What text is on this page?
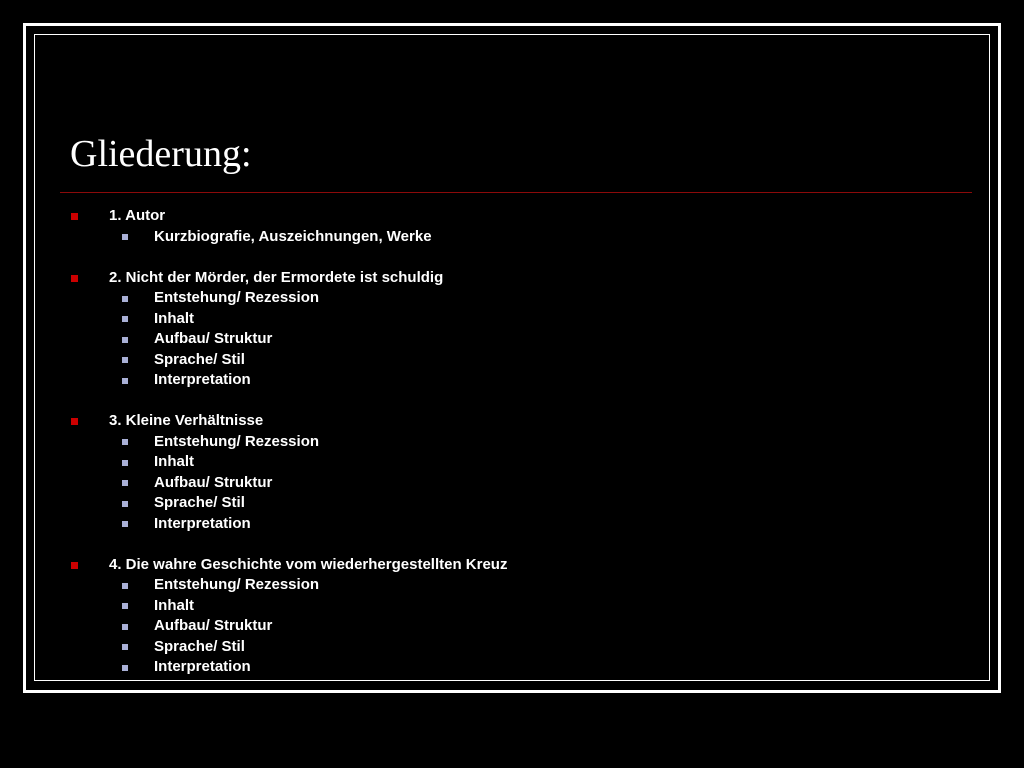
Gliederung:
1. Autor
Kurzbiografie, Auszeichnungen, Werke
2. Nicht der Mörder, der Ermordete ist schuldig
Entstehung/ Rezession
Inhalt
Aufbau/ Struktur
Sprache/ Stil
Interpretation
3. Kleine Verhältnisse
Entstehung/ Rezession
Inhalt
Aufbau/ Struktur
Sprache/ Stil
Interpretation
4. Die wahre Geschichte vom wiederhergestellten Kreuz
Entstehung/ Rezession
Inhalt
Aufbau/ Struktur
Sprache/ Stil
Interpretation
